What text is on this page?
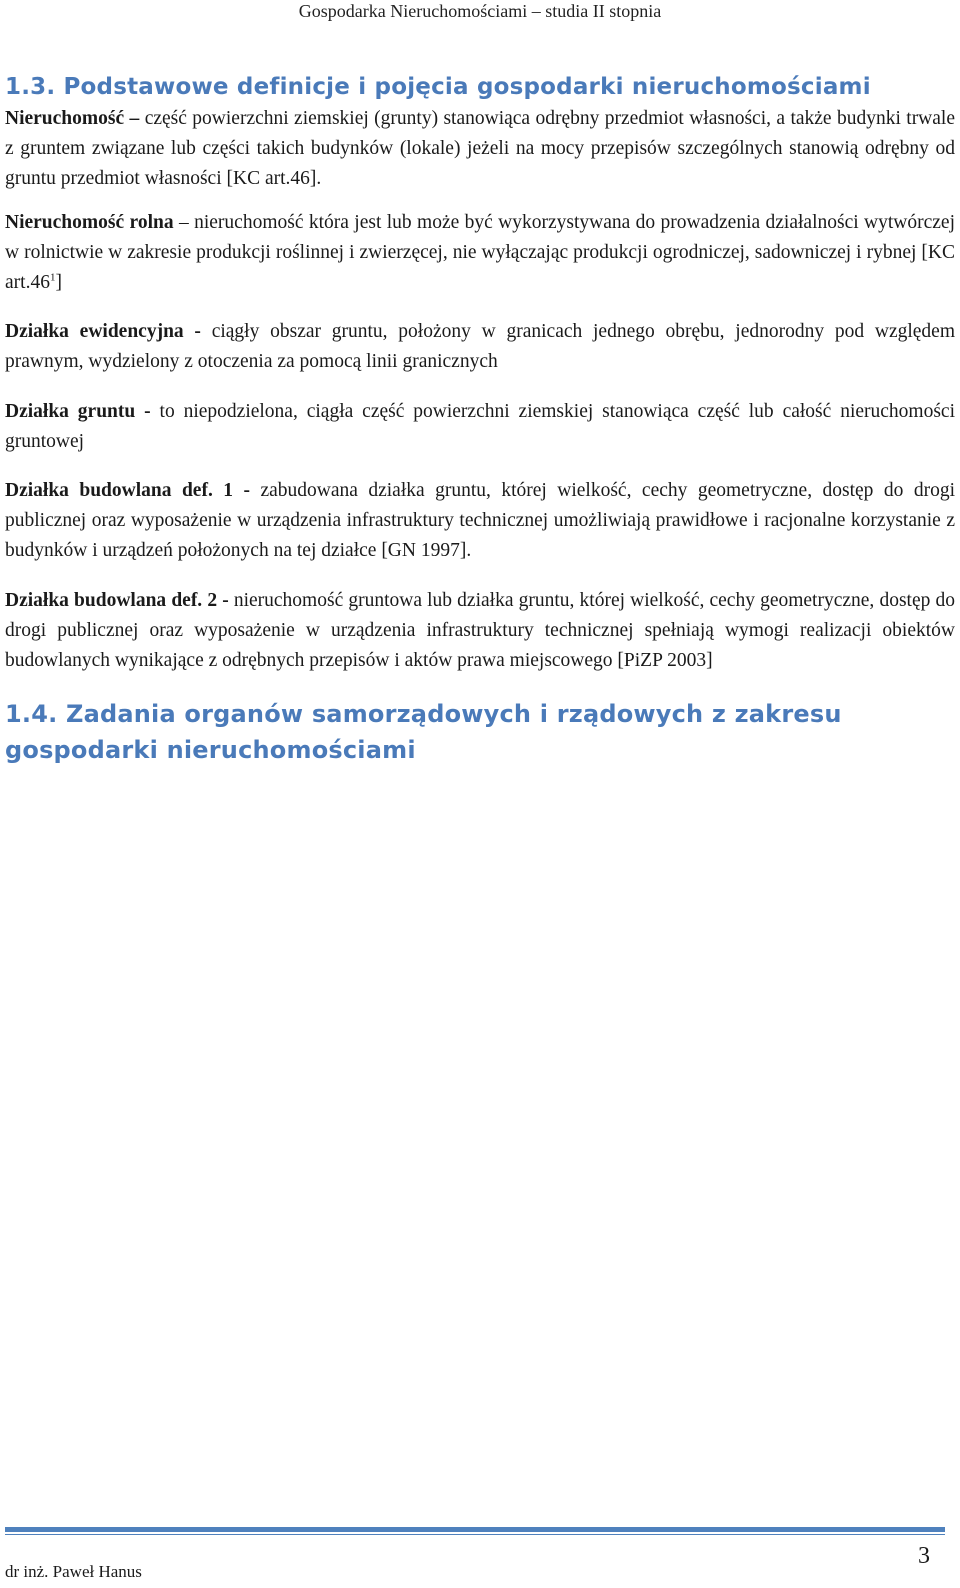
Gospodarka Nieruchomościami – studia II stopnia
1.3. Podstawowe definicje i pojęcia gospodarki nieruchomościami

Nieruchomość – część powierzchni ziemskiej (grunty) stanowiąca odrębny przedmiot własności, a także budynki trwale z gruntem związane lub części takich budynków (lokale) jeżeli na mocy przepisów szczególnych stanowią odrębny od gruntu przedmiot własności [KC art.46].

Nieruchomość rolna – nieruchomość która jest lub może być wykorzystywana do prowadzenia działalności wytwórczej w rolnictwie w zakresie produkcji roślinnej i zwierzęcej, nie wyłączając produkcji ogrodniczej, sadowniczej i rybnej [KC $art.46^1$]

Działka ewidencyjna - ciągły obszar gruntu, położony w granicach jednego obrębu, jednorodny pod względem prawnym, wydzielony z otoczenia za pomocą linii granicznych

Działka gruntu - to niepodzielona, ciągła część powierzchni ziemskiej stanowiąca część lub całość nieruchomości gruntowej

Działka budowlana def. 1 - zabudowana działka gruntu, której wielkość, cechy geometryczne, dostęp do drogi publicznej oraz wyposażenie w urządzenia infrastruktury technicznej umożliwiają prawidłowe i racjonalne korzystanie z budynków i urządzeń położonych na tej działce [GN 1997].

Działka budowlana def. 2 - nieruchomość gruntowa lub działka gruntu, której wielkość, cechy geometryczne, dostęp do drogi publicznej oraz wyposażenie w urządzenia infrastruktury technicznej spełniają wymogi realizacji obiektów budowlanych wynikające z odrębnych przepisów i aktów prawa miejscowego [PiZP 2003]

1.4. Zadania organów samorządowych i rządowych z zakresu gospodarki nieruchomościami
dr inż. Paweł Hanus
3
